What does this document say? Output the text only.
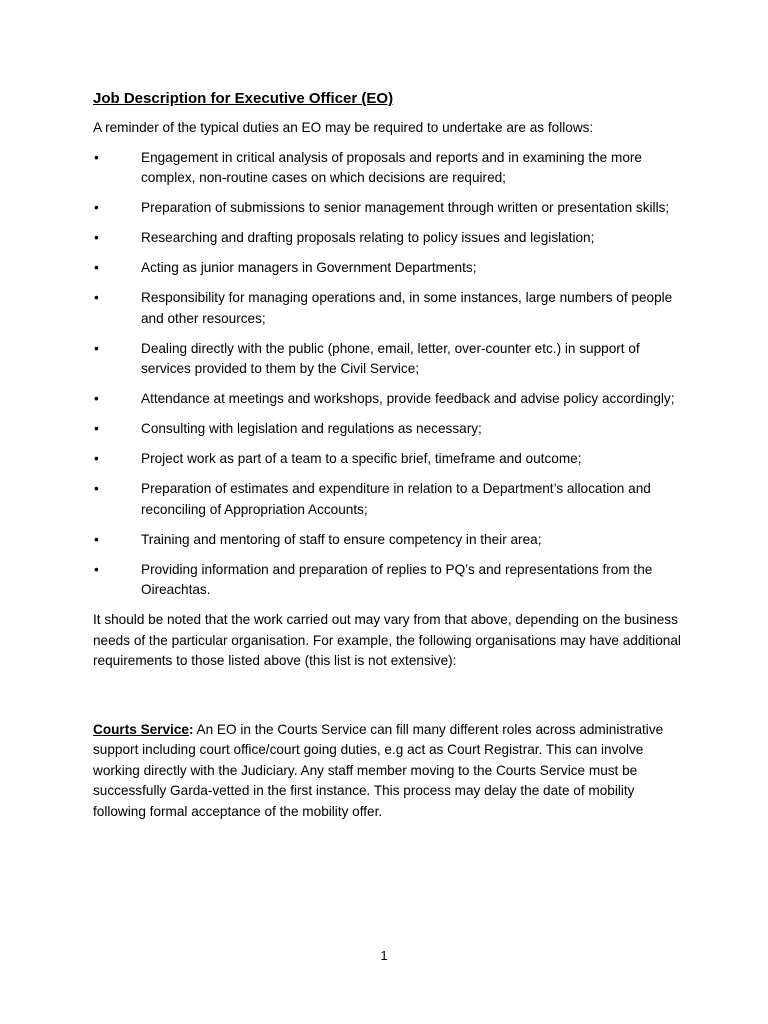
Job Description for Executive Officer (EO)
A reminder of the typical duties an EO may be required to undertake are as follows:
•	Engagement in critical analysis of proposals and reports and in examining the more complex, non-routine cases on which decisions are required;
•	Preparation of submissions to senior management through written or presentation skills;
•	Researching and drafting proposals relating to policy issues and legislation;
•	Acting as junior managers in Government Departments;
•	Responsibility for managing operations and, in some instances, large numbers of people and other resources;
•	Dealing directly with the public (phone, email, letter, over-counter etc.) in support of services provided to them by the Civil Service;
•	Attendance at meetings and workshops, provide feedback and advise policy accordingly;
•	Consulting with legislation and regulations as necessary;
•	Project work as part of a team to a specific brief, timeframe and outcome;
•	Preparation of estimates and expenditure in relation to a Department’s allocation and reconciling of Appropriation Accounts;
•	Training and mentoring of staff to ensure competency in their area;
•	Providing information and preparation of replies to PQ’s and representations from the Oireachtas.
It should be noted that the work carried out may vary from that above, depending on the business needs of the particular organisation. For example, the following organisations may have additional requirements to those listed above (this list is not extensive):
Courts Service: An EO in the Courts Service can fill many different roles across administrative support including court office/court going duties, e.g act as Court Registrar. This can involve working directly with the Judiciary. Any staff member moving to the Courts Service must be successfully Garda-vetted in the first instance. This process may delay the date of mobility following formal acceptance of the mobility offer.
1
